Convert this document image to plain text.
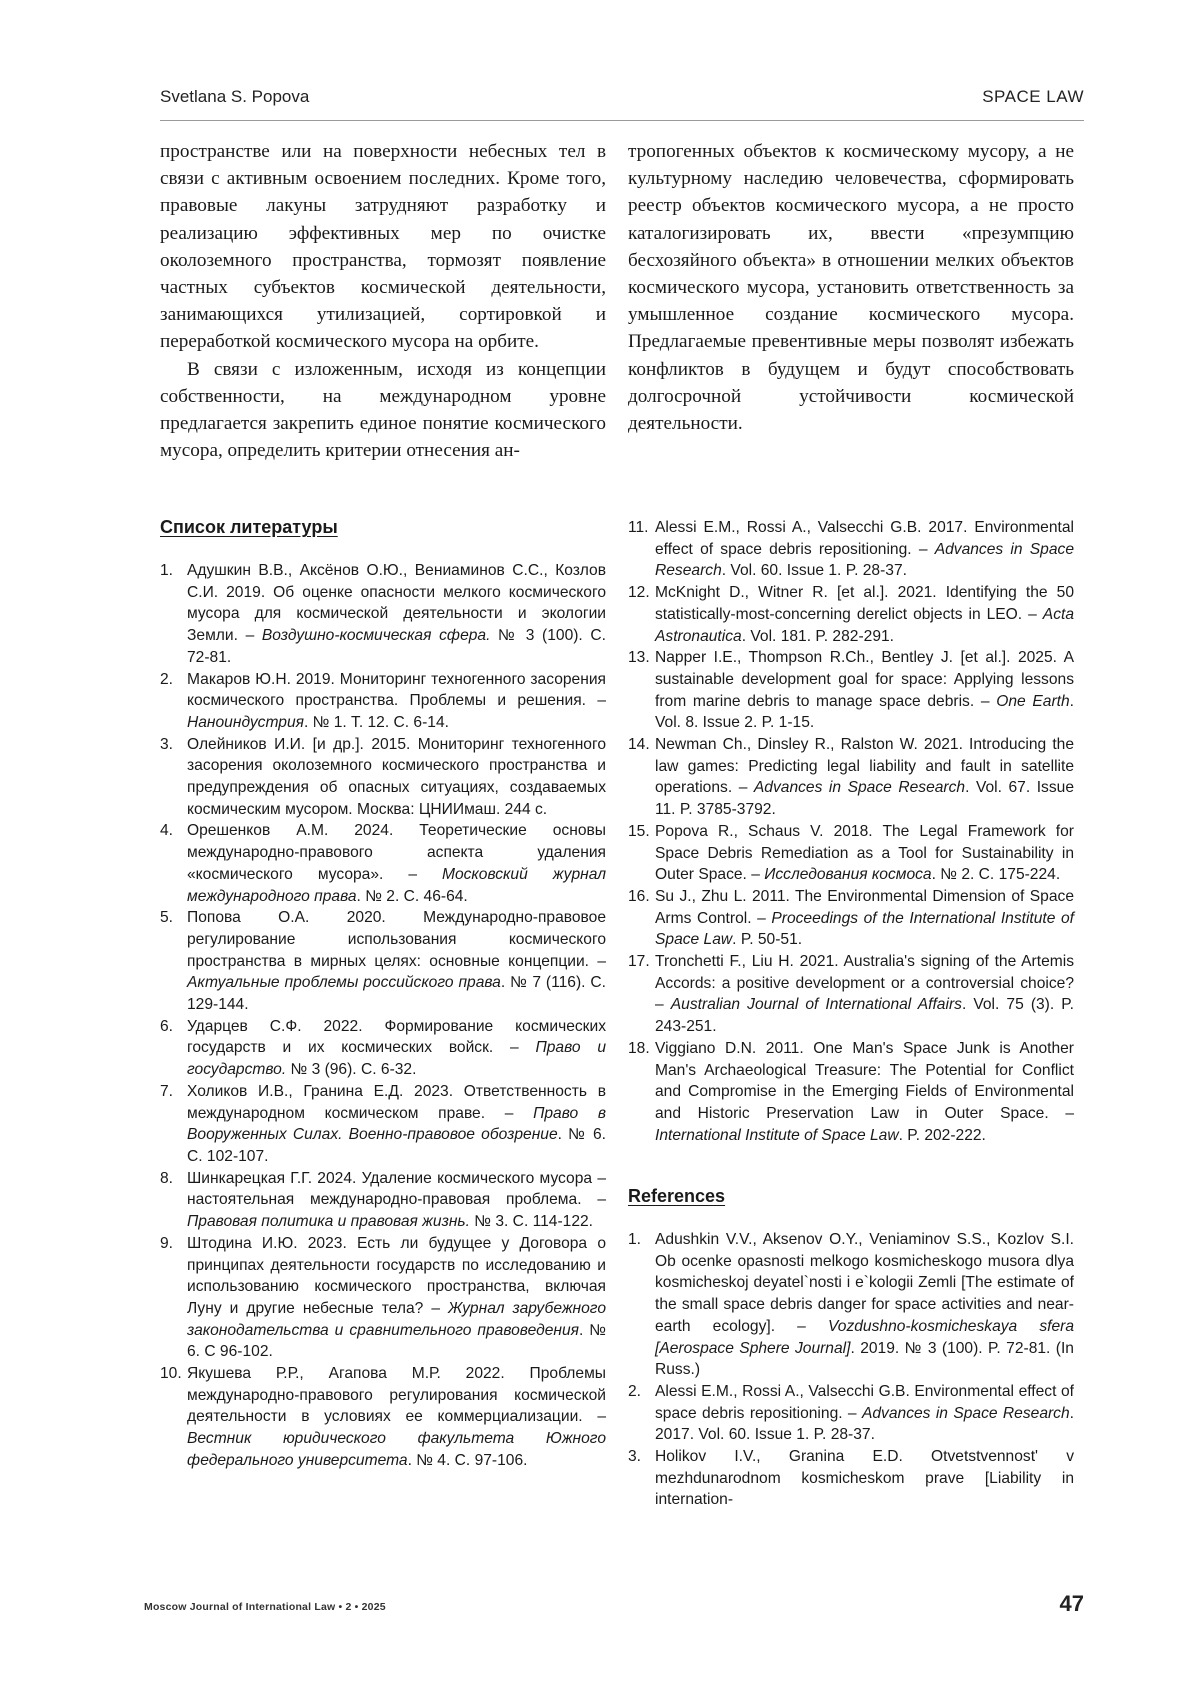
Svetlana S. Popova	SPACE LAW

пространстве или на поверхности небесных тел в связи с активным освоением последних. Кроме того, правовые лакуны затрудняют разработку и реализацию эффективных мер по очистке околоземного пространства, тормозят появление частных субъектов космической деятельности, занимающихся утилизацией, сортировкой и переработкой космического мусора на орбите.

В связи с изложенным, исходя из концепции собственности, на международном уровне предлагается закрепить единое понятие космического мусора, определить критерии отнесения ан-

тропогенных объектов к космическому мусору, а не культурному наследию человечества, сформировать реестр объектов космического мусора, а не просто каталогизировать их, ввести «презумпцию бесхозяйного объекта» в отношении мелких объектов космического мусора, установить ответственность за умышленное создание космического мусора. Предлагаемые превентивные меры позволят избежать конфликтов в будущем и будут способствовать долгосрочной устойчивости космической деятельности.

Список литературы
1. Адушкин В.В., Аксёнов О.Ю., Вениаминов С.С., Козлов С.И. 2019. Об оценке опасности мелкого космического мусора для космической деятельности и экологии Земли. – Воздушно-космическая сфера. № 3 (100). С. 72-81.
2. Макаров Ю.Н. 2019. Мониторинг техногенного засорения космического пространства. Проблемы и решения. – Наноиндустрия. № 1. Т. 12. С. 6-14.
3. Олейников И.И. [и др.]. 2015. Мониторинг техногенного засорения околоземного космического пространства и предупреждения об опасных ситуациях, создаваемых космическим мусором. Москва: ЦНИИмаш. 244 с.
4. Орешенков А.М. 2024. Теоретические основы международно-правового аспекта удаления «космического мусора». – Московский журнал международного права. № 2. С. 46-64.
5. Попова О.А. 2020. Международно-правовое регулирование использования космического пространства в мирных целях: основные концепции. – Актуальные проблемы российского права. № 7 (116). С. 129-144.
6. Ударцев С.Ф. 2022. Формирование космических государств и их космических войск. – Право и государство. № 3 (96). С. 6-32.
7. Холиков И.В., Гранина Е.Д. 2023. Ответственность в международном космическом праве. – Право в Вооруженных Силах. Военно-правовое обозрение. № 6. С. 102-107.
8. Шинкарецкая Г.Г. 2024. Удаление космического мусора – настоятельная международно-правовая проблема. – Правовая политика и правовая жизнь. № 3. С. 114-122.
9. Штодина И.Ю. 2023. Есть ли будущее у Договора о принципах деятельности государств по исследованию и использованию космического пространства, включая Луну и другие небесные тела? – Журнал зарубежного законодательства и сравнительного правоведения. № 6. С 96-102.
10. Якушева Р.Р., Агапова М.Р. 2022. Проблемы международно-правового регулирования космической деятельности в условиях ее коммерциализации. – Вестник юридического факультета Южного федерального университета. № 4. С. 97-106.
11. Alessi E.M., Rossi A., Valsecchi G.B. 2017. Environmental effect of space debris repositioning. – Advances in Space Research. Vol. 60. Issue 1. P. 28-37.
12. McKnight D., Witner R. [et al.]. 2021. Identifying the 50 statistically-most-concerning derelict objects in LEO. – Acta Astronautica. Vol. 181. P. 282-291.
13. Napper I.E., Thompson R.Ch., Bentley J. [et al.]. 2025. A sustainable development goal for space: Applying lessons from marine debris to manage space debris. – One Earth. Vol. 8. Issue 2. P. 1-15.
14. Newman Ch., Dinsley R., Ralston W. 2021. Introducing the law games: Predicting legal liability and fault in satellite operations. – Advances in Space Research. Vol. 67. Issue 11. P. 3785-3792.
15. Popova R., Schaus V. 2018. The Legal Framework for Space Debris Remediation as a Tool for Sustainability in Outer Space. – Исследования космоса. № 2. С. 175-224.
16. Su J., Zhu L. 2011. The Environmental Dimension of Space Arms Control. – Proceedings of the International Institute of Space Law. P. 50-51.
17. Tronchetti F., Liu H. 2021. Australia's signing of the Artemis Accords: a positive development or a controversial choice? – Australian Journal of International Affairs. Vol. 75 (3). P. 243-251.
18. Viggiano D.N. 2011. One Man's Space Junk is Another Man's Archaeological Treasure: The Potential for Conflict and Compromise in the Emerging Fields of Environmental and Historic Preservation Law in Outer Space. – International Institute of Space Law. P. 202-222.
References
1. Adushkin V.V., Aksenov O.Y., Veniaminov S.S., Kozlov S.I. Ob ocenke opasnosti melkogo kosmicheskogo musora dlya kosmicheskoj deyatel`nosti i e`kologii Zemli [The estimate of the small space debris danger for space activities and near-earth ecology]. – Vozdushno-kosmicheskaya sfera [Aerospace Sphere Journal]. 2019. № 3 (100). P. 72-81. (In Russ.)
2. Alessi E.M., Rossi A., Valsecchi G.B. Environmental effect of space debris repositioning. – Advances in Space Research. 2017. Vol. 60. Issue 1. P. 28-37.
3. Holikov I.V., Granina E.D. Otvetstvennost' v mezhdunarodnom kosmicheskom prave [Liability in internation-
Moscow Journal of International Law • 2 • 2025	47
